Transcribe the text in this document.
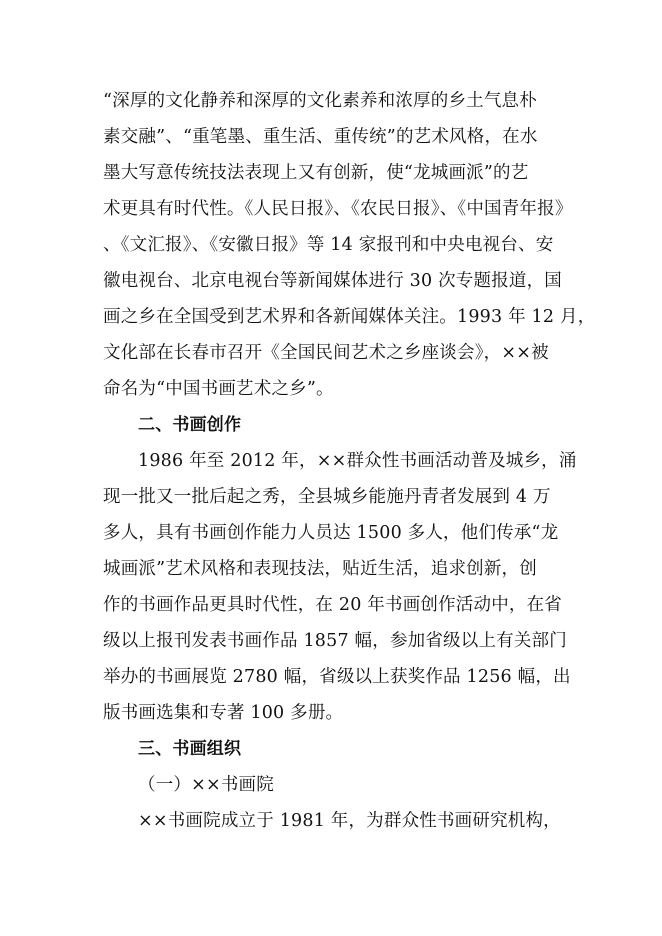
“深厚的文化静养和深厚的文化素养和浓厚的乡土气息朴
素交融”、“重笔墨、重生活、重传统”的艺术风格，在水
墨大写意传统技法表现上又有创新，使“龙城画派”的艺
术更具有时代性。《人民日报》、《农民日报》、《中国青年报》
、《文汇报》、《安徽日报》等 14 家报刊和中央电视台、安
徽电视台、北京电视台等新闻媒体进行 30 次专题报道，国
画之乡在全国受到艺术界和各新闻媒体关注。1993 年 12 月，
文化部在长春市召开《全国民间艺术之乡座谈会》，××被
命名为“中国书画艺术之乡”。
二、书画创作
1986 年至 2012 年，××群众性书画活动普及城乡，涌
现一批又一批后起之秀，全县城乡能施丹青者发展到 4 万
多人，具有书画创作能力人员达 1500 多人，他们传承“龙
城画派”艺术风格和表现技法，贴近生活，追求创新，创
作的书画作品更具时代性，在 20 年书画创作活动中，在省
级以上报刊发表书画作品 1857 幅，参加省级以上有关部门
举办的书画展览 2780 幅，省级以上获奖作品 1256 幅，出
版书画选集和专著 100 多册。
三、书画组织
（一）××书画院
××书画院成立于 1981 年，为群众性书画研究机构，
